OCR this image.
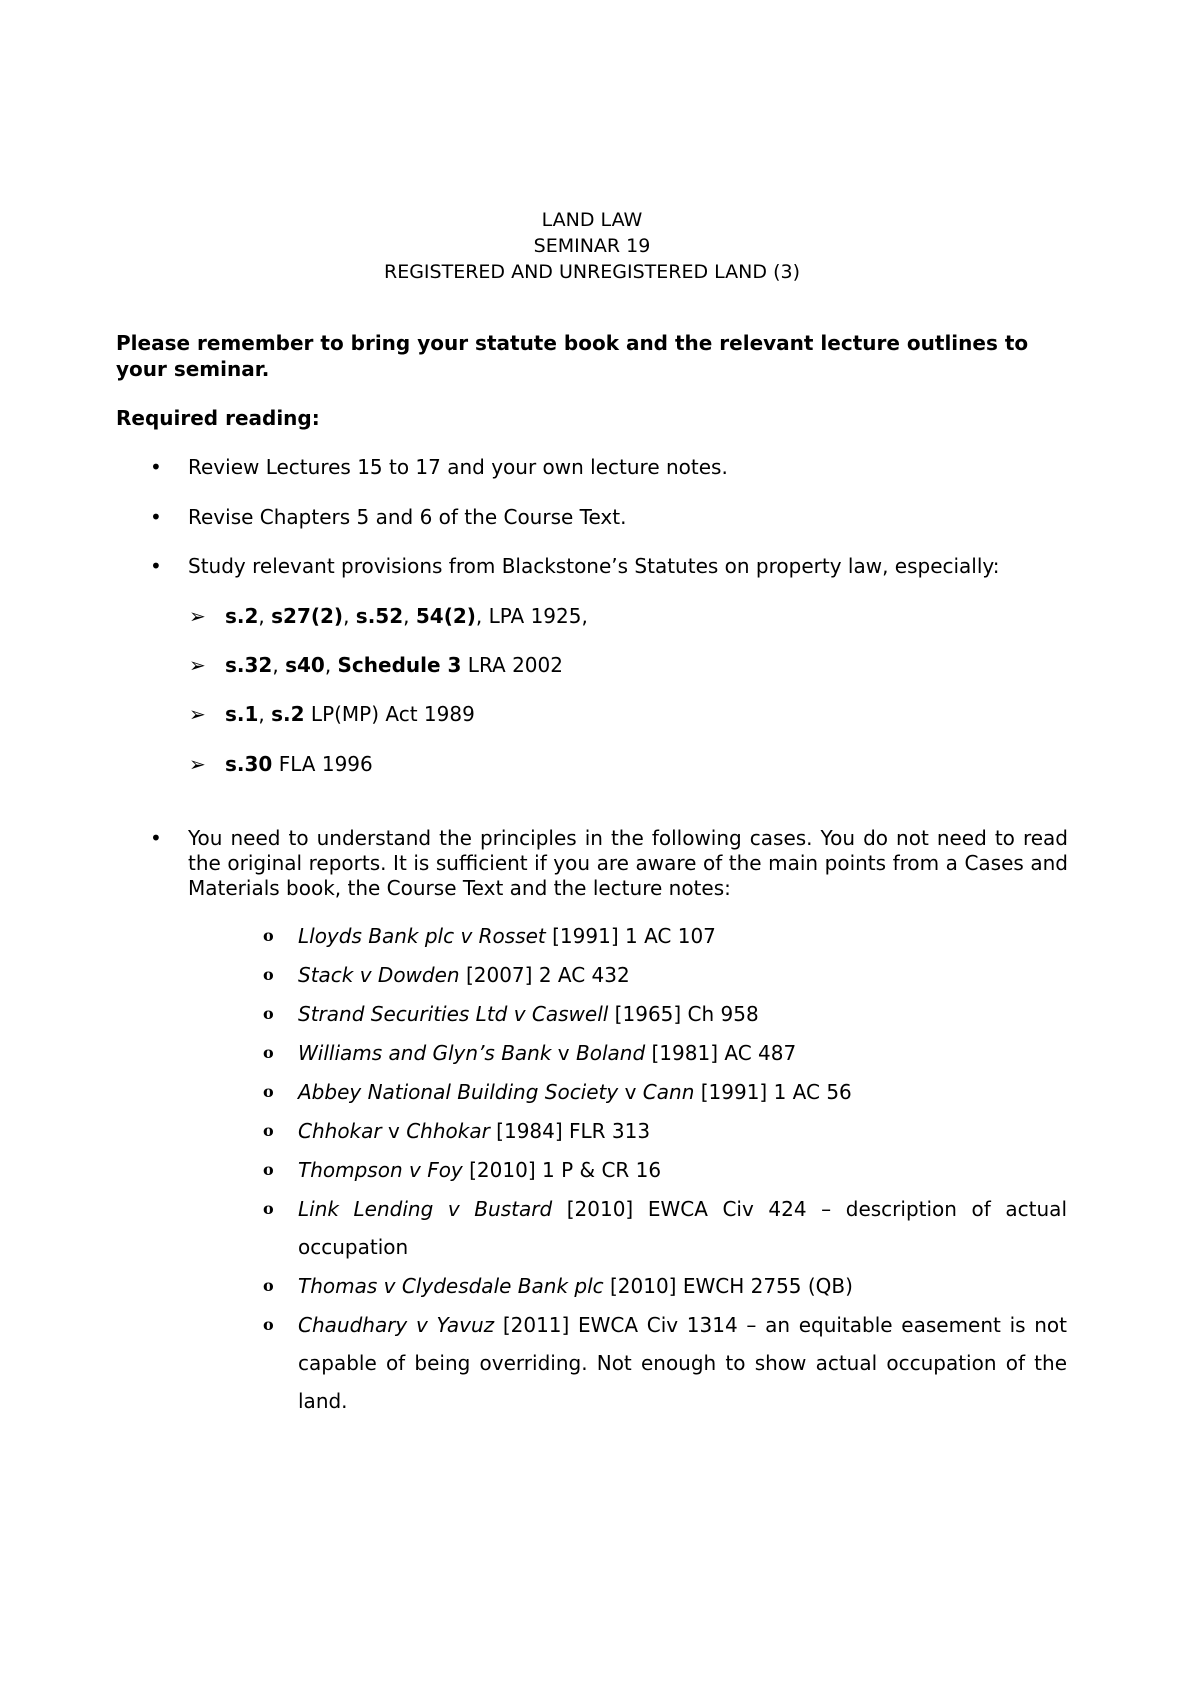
LAND LAW
SEMINAR 19
REGISTERED AND UNREGISTERED LAND (3)
Please remember to bring your statute book and the relevant lecture outlines to your seminar.
Required reading:
•	Review Lectures 15 to 17 and your own lecture notes.
•	Revise Chapters 5 and 6 of the Course Text.
•	Study relevant provisions from Blackstone’s Statutes on property law, especially:
➢ s.2, s27(2), s.52, 54(2), LPA 1925,
➢ s.32, s40, Schedule 3 LRA 2002
➢ s.1, s.2 LP(MP) Act 1989
➢ s.30 FLA 1996
•	You need to understand the principles in the following cases. You do not need to read the original reports. It is sufficient if you are aware of the main points from a Cases and Materials book, the Course Text and the lecture notes:
o Lloyds Bank plc v Rosset [1991] 1 AC 107
o Stack v Dowden [2007] 2 AC 432
o Strand Securities Ltd v Caswell [1965] Ch 958
o Williams and Glyn’s Bank v Boland [1981] AC 487
o Abbey National Building Society v Cann [1991] 1 AC 56
o Chhokar v Chhokar [1984] FLR 313
o Thompson v Foy [2010] 1 P & CR 16
o Link Lending v Bustard [2010] EWCA Civ 424 – description of actual occupation
o Thomas v Clydesdale Bank plc [2010] EWCH 2755 (QB)
o Chaudhary v Yavuz [2011] EWCA Civ 1314 – an equitable easement is not capable of being overriding. Not enough to show actual occupation of the land.
